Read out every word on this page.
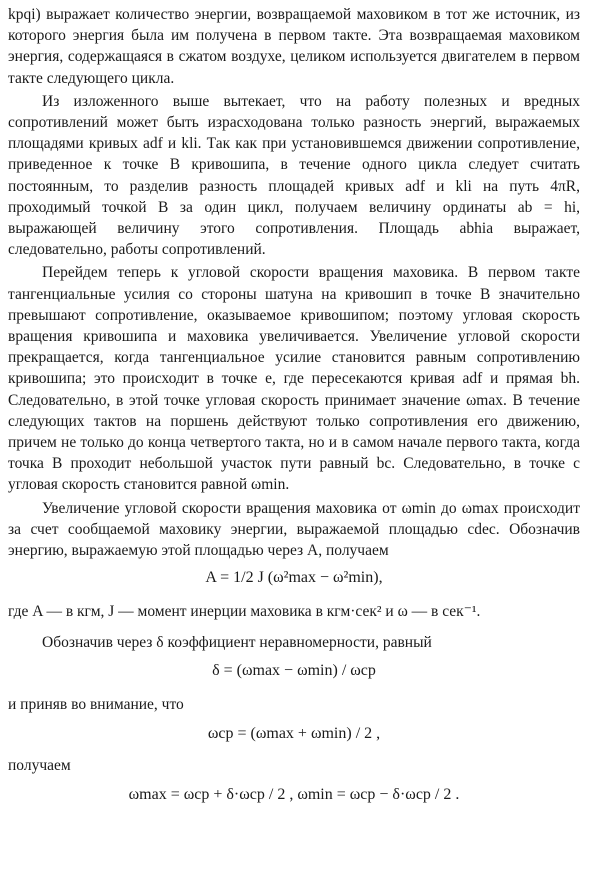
kpqi) выражает количество энергии, возвращаемой маховиком в тот же источник, из которого энергия была им получена в первом такте. Эта возвращаемая маховиком энергия, содержащаяся в сжатом воздухе, целиком используется двигателем в первом такте следующего цикла.

Из изложенного выше вытекает, что на работу полезных и вредных сопротивлений может быть израсходована только разность энергий, выражаемых площадями кривых adf и kli. Так как при установившемся движении сопротивление, приведенное к точке B кривошипа, в течение одного цикла следует считать постоянным, то разделив разность площадей кривых adf и kli на путь 4πR, проходимый точкой B за один цикл, получаем величину ординаты ab = hi, выражающей величину этого сопротивления. Площадь abhia выражает, следовательно, работы сопротивлений.

Перейдем теперь к угловой скорости вращения маховика. В первом такте тангенциальные усилия со стороны шатуна на кривошип в точке B значительно превышают сопротивление, оказываемое кривошипом; поэтому угловая скорость вращения кривошипа и маховика увеличивается. Увеличение угловой скорости прекращается, когда тангенциальное усилие становится равным сопротивлению кривошипа; это происходит в точке e, где пересекаются кривая adf и прямая bh. Следовательно, в этой точке угловая скорость принимает значение ωmax. В течение следующих тактов на поршень действуют только сопротивления его движению, причем не только до конца четвертого такта, но и в самом начале первого такта, когда точка B проходит небольшой участок пути равный bc. Следовательно, в точке c угловая скорость становится равной ωmin.

Увеличение угловой скорости вращения маховика от ωmin до ωmax происходит за счет сообщаемой маховику энергии, выражаемой площадью cdec. Обозначив энергию, выражаемую этой площадью через A, получаем

A = 1/2 J (ω²max − ω²min),

где A — в кгм, J — момент инерции маховика в кгм·сек² и ω — в сек⁻¹.

Обозначив через δ коэффициент неравномерности, равный

δ = (ωmax − ωmin) / ωср

и приняв во внимание, что

ωср = (ωmax + ωmin) / 2 ,

получаем

ωmax = ωср + δ·ωср / 2 , ωmin = ωср − δ·ωср / 2 .
